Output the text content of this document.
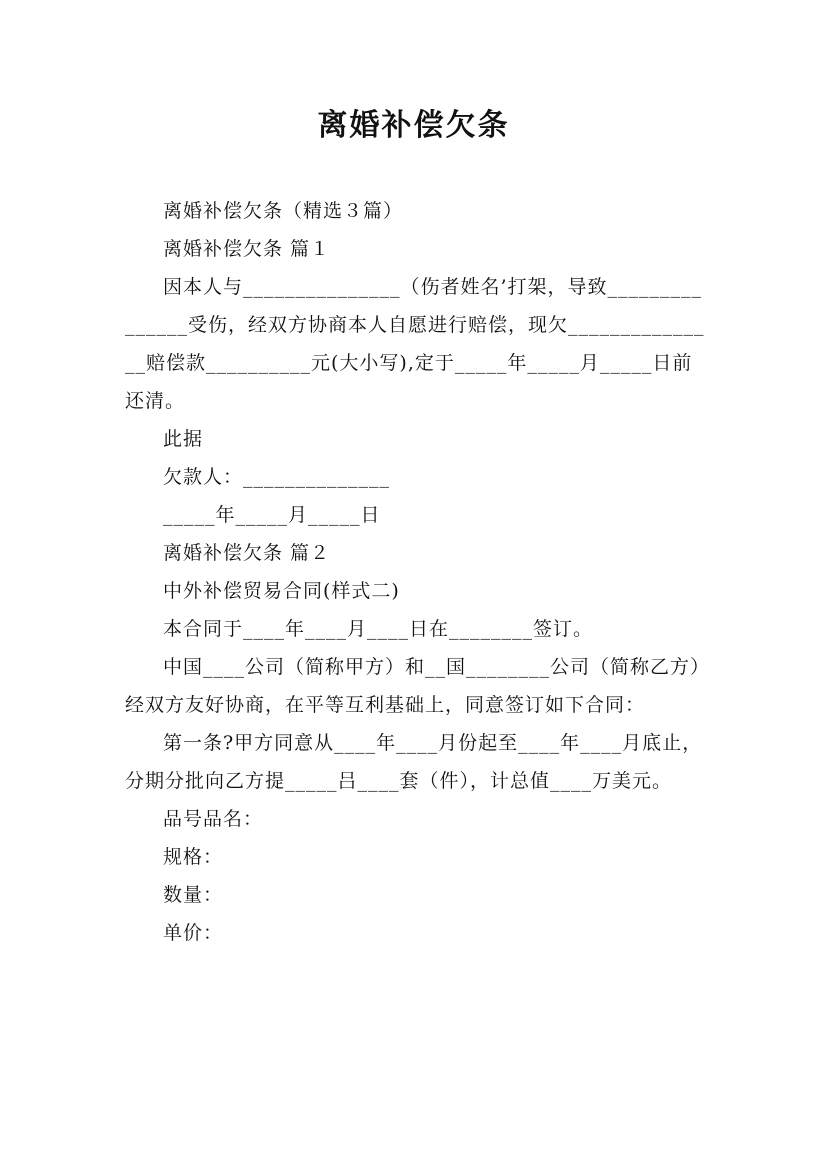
离婚补偿欠条

离婚补偿欠条（精选３篇）

离婚补偿欠条 篇１

因本人与_______________（伤者姓名’打架，导致_______________受伤，经双方协商本人自愿进行赔偿，现欠_______________赔偿款__________元(大小写),定于_____年_____月_____日前还清。

此据

欠款人：______________

_____年_____月_____日

离婚补偿欠条 篇２

中外补偿贸易合同(样式二)

本合同于____年____月____日在________签订。

中国____公司（简称甲方）和__国________公司（简称乙方）经双方友好协商，在平等互利基础上，同意签订如下合同：

第一条?甲方同意从____年____月份起至____年____月底止，分期分批向乙方提_____吕____套（件），计总值____万美元。

品号品名：

规格：

数量：

单价：
